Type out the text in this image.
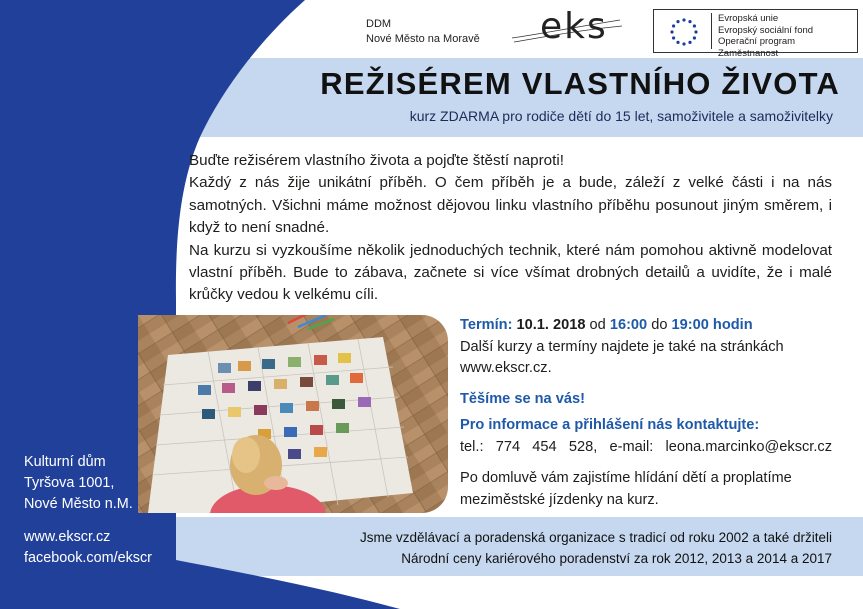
DDM
Nové Město na Moravě eks	Evropská unie
Evropský sociální fond
Operační program Zaměstnanost
REŽISÉREM VLASTNÍHO ŽIVOTA
kurz ZDARMA pro rodiče dětí do 15 let, samoživitele a samoživitelky

Buďte režisérem vlastního života a pojďte štěstí naproti!

Každý z nás žije unikátní příběh. O čem příběh je a bude, záleží z velké části i na nás samotných. Všichni máme možnost dějovou linku vlastního příběhu posunout jiným směrem, i když to není snadné.

Na kurzu si vyzkoušíme několik jednoduchých technik, které nám pomohou aktivně modelovat vlastní příběh. Bude to zábava, začnete si více všímat drobných detailů a uvidíte, že i malé krůčky vedou k velkému cíli.

Termín: 10.1. 2018 od 16:00 do 19:00 hodin
Další kurzy a termíny najdete je také na stránkách www.ekscr.cz.
Těšíme se na vás!
Pro informace a přihlášení nás kontaktujte:
tel.: 774 454 528, e-mail: leona.marcinko@ekscr.cz
Po domluvě vám zajistíme hlídání dětí a proplatíme meziměstské jízdenky na kurz.
Kulturní dům
Tyršova 1001,
Nové Město n.M.
www.ekscr.cz
facebook.com/ekscr
Jsme vzdělávací a poradenská organizace s tradicí od roku 2002 a také držiteli
Národní ceny kariérového poradenství za rok 2012, 2013 a 2014 a 2017
